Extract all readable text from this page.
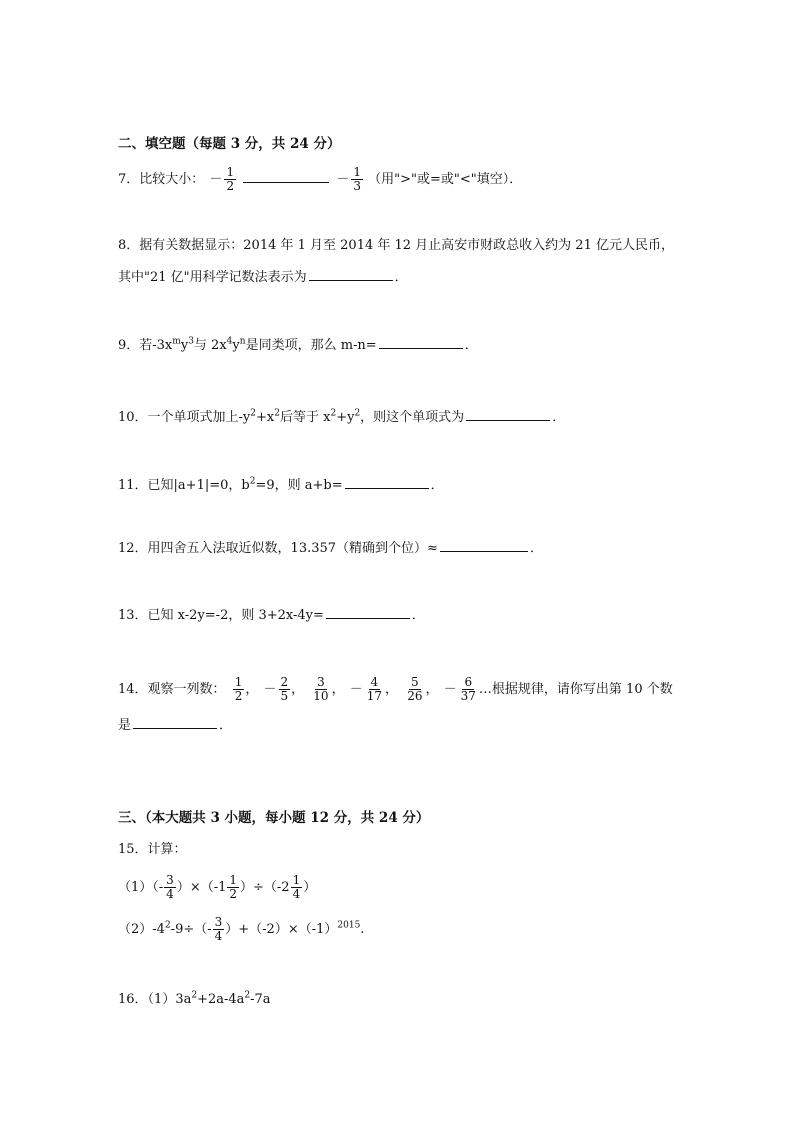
二、填空题（每题 3 分，共 24 分）
7．比较大小： － $\frac{1}{2}$	－ $\frac{1}{3}$ （用">"或=或"<"填空）．
8．据有关数据显示：2014 年 1 月至 2014 年 12 月止高安市财政总收入约为 21 亿元人民币，
其中"21 亿"用科学记数法表示为	．
9．若$-3x^my^3$与 $2x^4y^n$是同类项，那么 m-n=	．
10．一个单项式加上$-y^2+x^2$后等于 $x^2+y^2$，则这个单项式为	．
11．已知|a+1|=0，$b^2=9$，则 a+b=	．
12．用四舍五入法取近似数，13.357（精确到个位）≈	．
13．已知 x-2y=-2，则 3+2x-4y=	．
14．观察一列数： $\frac{1}{2}$ ， － $\frac{2}{5}$ ， $\frac{3}{10}$ ， － $\frac{4}{17}$ ， $\frac{5}{26}$ ， － $\frac{6}{37}$ …根据规律，请你写出第 10 个数
是	．
三、（本大题共 3 小题，每小题 12 分，共 24 分）
15．计算：
$(1)(- \frac{3}{4} )\times(-1 \frac{1}{2} )\div(-2 \frac{1}{4}$ ）
$(2)-4^2-9\div(- \frac{3}{4} )+(-2)\times(-1)^{2015}$.
16．$(1)3a^2+2a-4a^2-7a$
